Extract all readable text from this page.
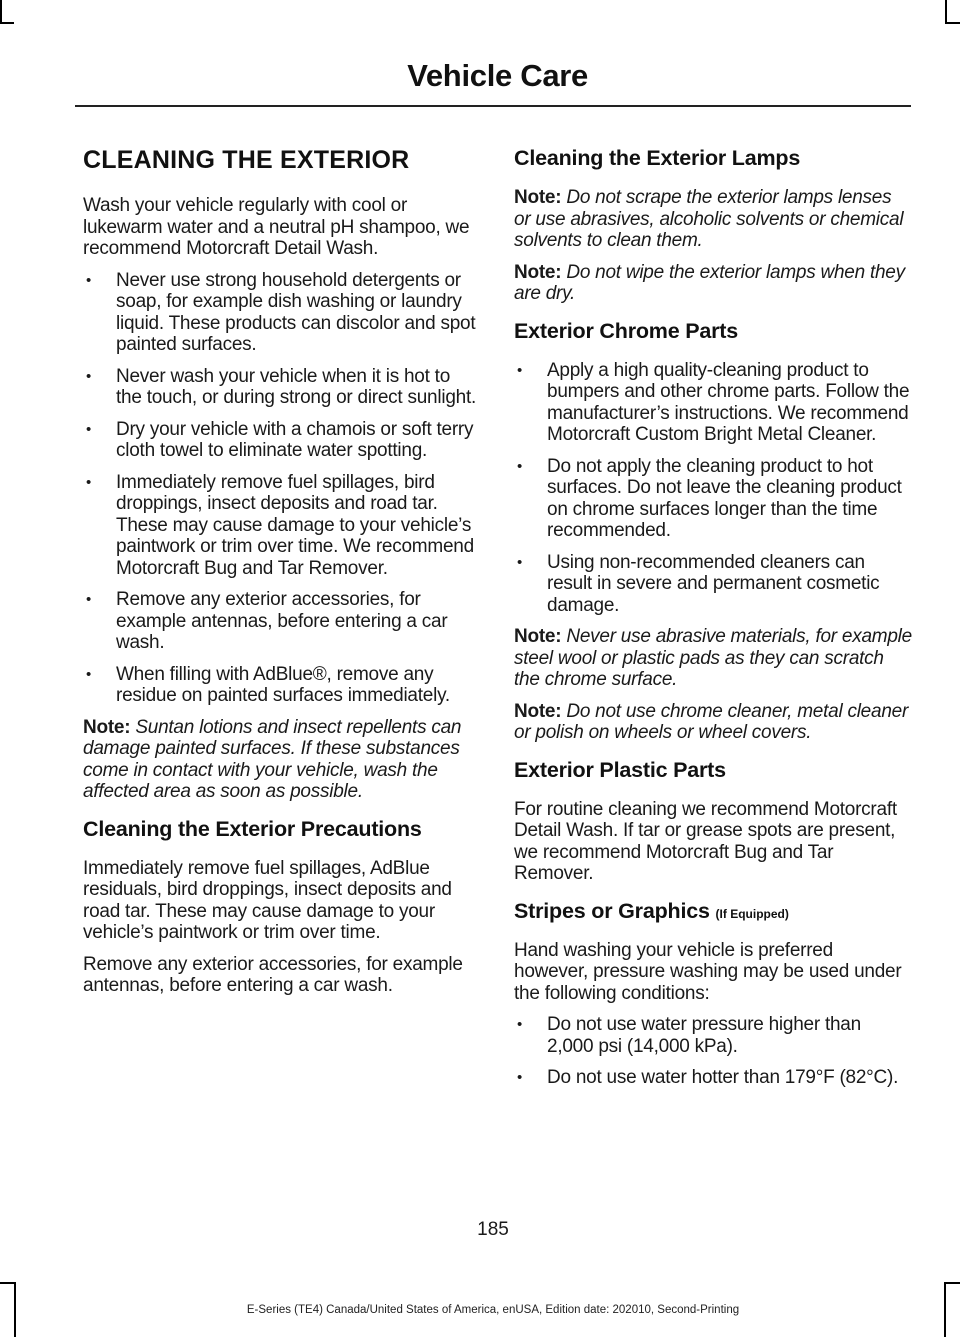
Vehicle Care
CLEANING THE EXTERIOR

Wash your vehicle regularly with cool or lukewarm water and a neutral pH shampoo, we recommend Motorcraft Detail Wash.

• Never use strong household detergents or soap, for example dish washing or laundry liquid. These products can discolor and spot painted surfaces.
• Never wash your vehicle when it is hot to the touch, or during strong or direct sunlight.
• Dry your vehicle with a chamois or soft terry cloth towel to eliminate water spotting.
• Immediately remove fuel spillages, bird droppings, insect deposits and road tar. These may cause damage to your vehicle’s paintwork or trim over time. We recommend Motorcraft Bug and Tar Remover.
• Remove any exterior accessories, for example antennas, before entering a car wash.
• When filling with AdBlue®, remove any residue on painted surfaces immediately.

Note: Suntan lotions and insect repellents can damage painted surfaces. If these substances come in contact with your vehicle, wash the affected area as soon as possible.

Cleaning the Exterior Precautions

Immediately remove fuel spillages, AdBlue residuals, bird droppings, insect deposits and road tar. These may cause damage to your vehicle’s paintwork or trim over time.

Remove any exterior accessories, for example antennas, before entering a car wash.

Cleaning the Exterior Lamps

Note: Do not scrape the exterior lamps lenses or use abrasives, alcoholic solvents or chemical solvents to clean them.

Note: Do not wipe the exterior lamps when they are dry.

Exterior Chrome Parts
• Apply a high quality-cleaning product to bumpers and other chrome parts. Follow the manufacturer’s instructions. We recommend Motorcraft Custom Bright Metal Cleaner.
• Do not apply the cleaning product to hot surfaces. Do not leave the cleaning product on chrome surfaces longer than the time recommended.
• Using non-recommended cleaners can result in severe and permanent cosmetic damage.

Note: Never use abrasive materials, for example steel wool or plastic pads as they can scratch the chrome surface.

Note: Do not use chrome cleaner, metal cleaner or polish on wheels or wheel covers.

Exterior Plastic Parts

For routine cleaning we recommend Motorcraft Detail Wash. If tar or grease spots are present, we recommend Motorcraft Bug and Tar Remover.

Stripes or Graphics (If Equipped)

Hand washing your vehicle is preferred however, pressure washing may be used under the following conditions:

• Do not use water pressure higher than 2,000 psi (14,000 kPa).
• Do not use water hotter than 179°F (82°C).
185
E-Series (TE4) Canada/United States of America, enUSA, Edition date: 202010, Second-Printing
